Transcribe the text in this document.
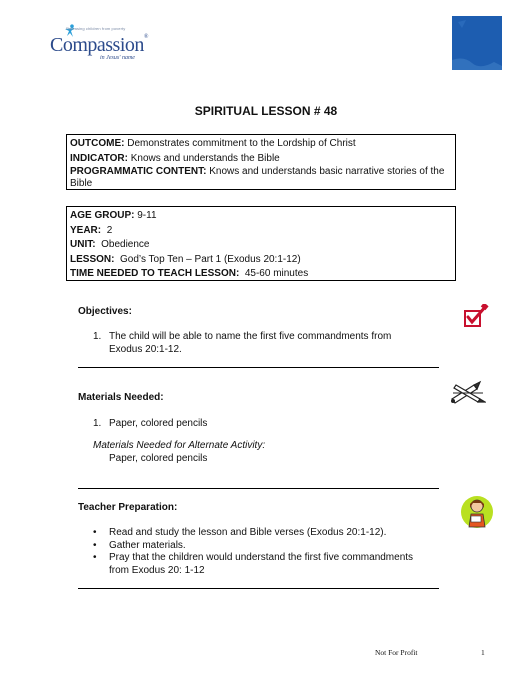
Releasing children from poverty
Compassion®
in Jesus' name
SPIRITUAL LESSON # 48
OUTCOME: Demonstrates commitment to the Lordship of Christ
INDICATOR: Knows and understands the Bible
PROGRAMMATIC CONTENT: Knows and understands basic narrative stories of the Bible
AGE GROUP: 9-11
YEAR: 2
UNIT: Obedience
LESSON: God’s Top Ten – Part 1 (Exodus 20:1-12)
TIME NEEDED TO TEACH LESSON: 45-60 minutes
Objectives:
1. The child will be able to name the first five commandments from Exodus 20:1-12.
Materials Needed:
1. Paper, colored pencils
Materials Needed for Alternate Activity:
Paper, colored pencils
Teacher Preparation:
• Read and study the lesson and Bible verses (Exodus 20:1-12).
• Gather materials.
• Pray that the children would understand the first five commandments from Exodus 20: 1-12
Not For Profit	1
